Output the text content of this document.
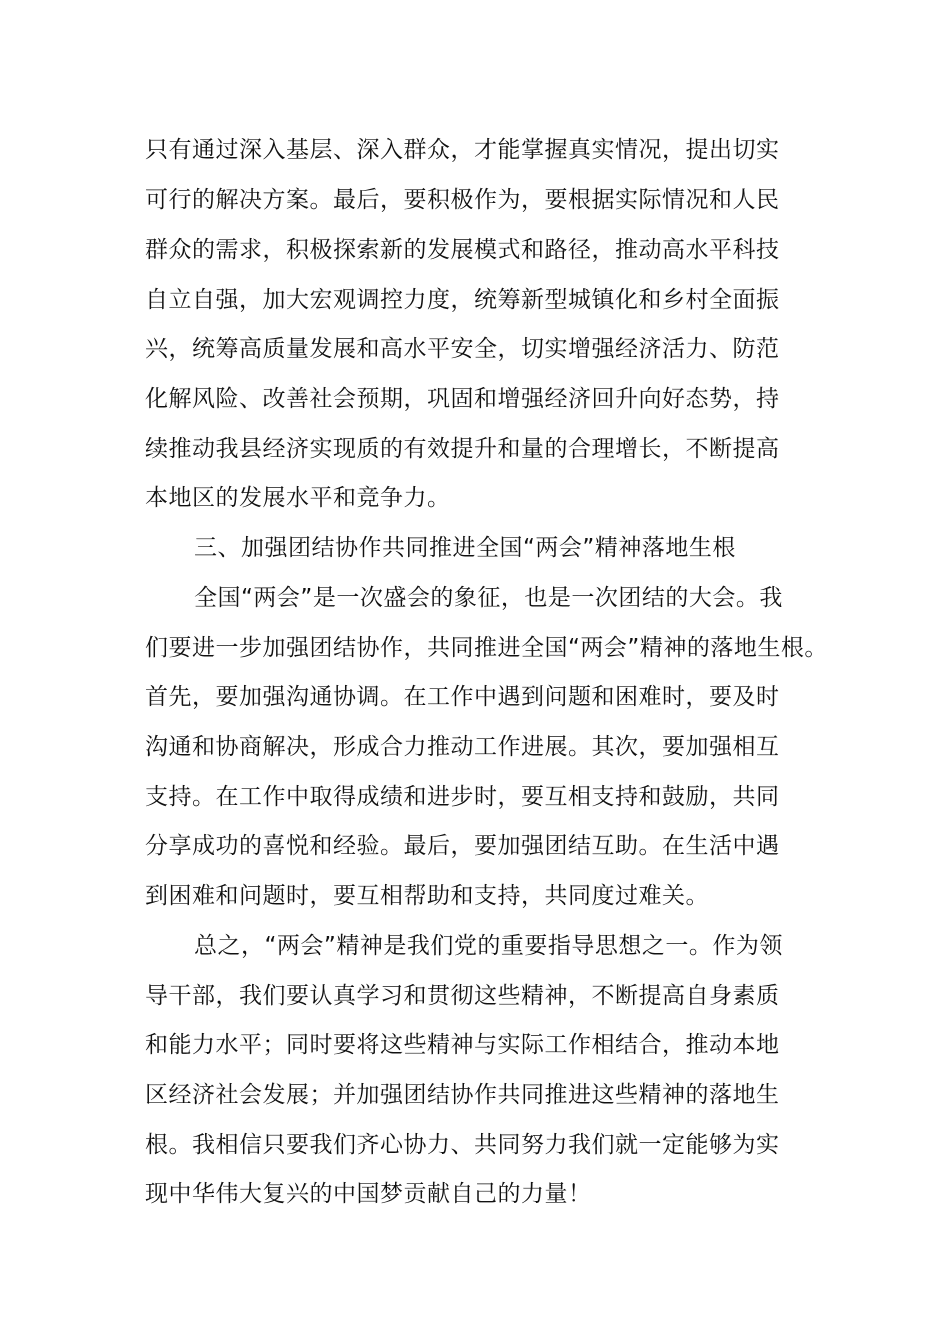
只有通过深入基层、深入群众，才能掌握真实情况，提出切实
可行的解决方案。最后，要积极作为，要根据实际情况和人民
群众的需求，积极探索新的发展模式和路径，推动高水平科技
自立自强，加大宏观调控力度，统筹新型城镇化和乡村全面振
兴，统筹高质量发展和高水平安全，切实增强经济活力、防范
化解风险、改善社会预期，巩固和增强经济回升向好态势，持
续推动我县经济实现质的有效提升和量的合理增长，不断提高
本地区的发展水平和竞争力。
三、加强团结协作共同推进全国“两会”精神落地生根
全国“两会”是一次盛会的象征，也是一次团结的大会。我
们要进一步加强团结协作，共同推进全国“两会”精神的落地生根。
首先，要加强沟通协调。在工作中遇到问题和困难时，要及时
沟通和协商解决，形成合力推动工作进展。其次，要加强相互
支持。在工作中取得成绩和进步时，要互相支持和鼓励，共同
分享成功的喜悦和经验。最后，要加强团结互助。在生活中遇
到困难和问题时，要互相帮助和支持，共同度过难关。
总之，“两会”精神是我们党的重要指导思想之一。作为领
导干部，我们要认真学习和贯彻这些精神，不断提高自身素质
和能力水平；同时要将这些精神与实际工作相结合，推动本地
区经济社会发展；并加强团结协作共同推进这些精神的落地生
根。我相信只要我们齐心协力、共同努力我们就一定能够为实
现中华伟大复兴的中国梦贡献自己的力量！
